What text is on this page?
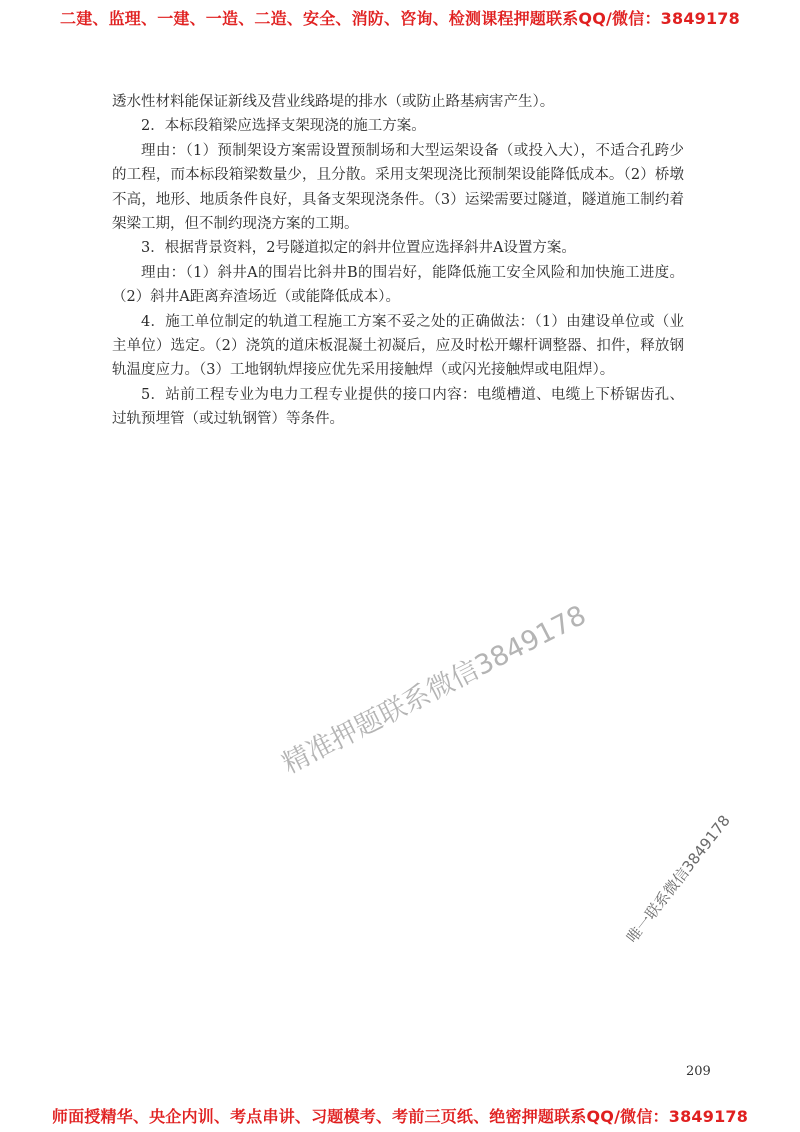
二建、监理、一建、一造、二造、安全、消防、咨询、检测课程押题联系QQ/微信：3849178

透水性材料能保证新线及营业线路堤的排水（或防止路基病害产生）。

2．本标段箱梁应选择支架现浇的施工方案。

理由：（1）预制架设方案需设置预制场和大型运架设备（或投入大），不适合孔跨少的工程，而本标段箱梁数量少，且分散。采用支架现浇比预制架设能降低成本。（2）桥墩不高，地形、地质条件良好，具备支架现浇条件。（3）运梁需要过隧道，隧道施工制约着架梁工期，但不制约现浇方案的工期。

3．根据背景资料，2号隧道拟定的斜井位置应选择斜井A设置方案。

理由：（1）斜井A的围岩比斜井B的围岩好，能降低施工安全风险和加快施工进度。（2）斜井A距离弃渣场近（或能降低成本）。

4．施工单位制定的轨道工程施工方案不妥之处的正确做法：（1）由建设单位或（业主单位）选定。（2）浇筑的道床板混凝土初凝后，应及时松开螺杆调整器、扣件，释放钢轨温度应力。（3）工地钢轨焊接应优先采用接触焊（或闪光接触焊或电阻焊）。

5．站前工程专业为电力工程专业提供的接口内容：电缆槽道、电缆上下桥锯齿孔、过轨预埋管（或过轨钢管）等条件。

精准押题联系微信3849178
唯一联系微信3849178
209
师面授精华、央企内训、考点串讲、习题模考、考前三页纸、绝密押题联系QQ/微信：3849178
